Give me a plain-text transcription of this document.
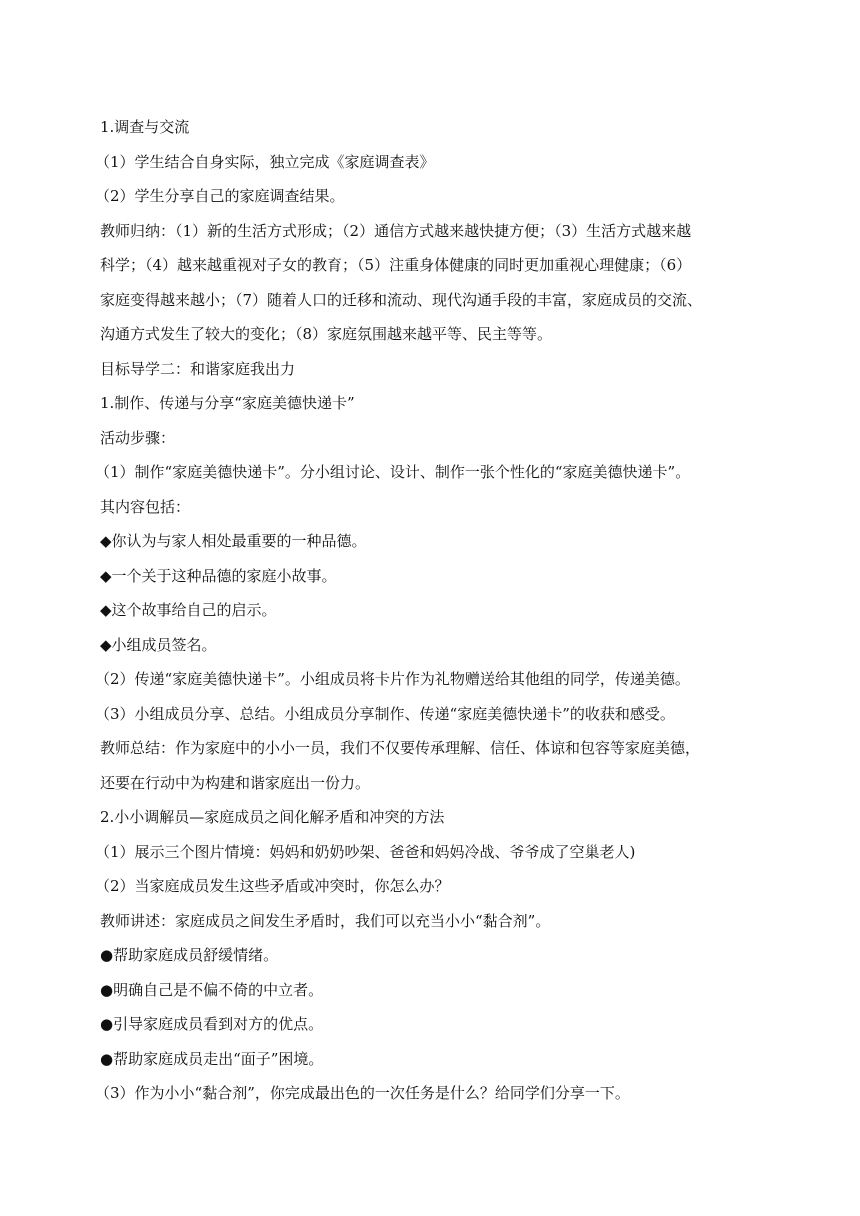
1.调查与交流

（1）学生结合自身实际，独立完成《家庭调查表》

（2）学生分享自己的家庭调查结果。

教师归纳：（1）新的生活方式形成；（2）通信方式越来越快捷方便；（3）生活方式越来越

科学；（4）越来越重视对子女的教育；（5）注重身体健康的同时更加重视心理健康；（6）

家庭变得越来越小；（7）随着人口的迁移和流动、现代沟通手段的丰富，家庭成员的交流、

沟通方式发生了较大的变化；（8）家庭氛围越来越平等、民主等等。

目标导学二：和谐家庭我出力

1.制作、传递与分享“家庭美德快递卡”

活动步骤：

（1）制作“家庭美德快递卡”。分小组讨论、设计、制作一张个性化的“家庭美德快递卡”。

其内容包括：

◆你认为与家人相处最重要的一种品德。

◆一个关于这种品德的家庭小故事。

◆这个故事给自己的启示。

◆小组成员签名。

（2）传递“家庭美德快递卡”。小组成员将卡片作为礼物赠送给其他组的同学，传递美德。

（3）小组成员分享、总结。小组成员分享制作、传递“家庭美德快递卡”的收获和感受。

教师总结：作为家庭中的小小一员，我们不仅要传承理解、信任、体谅和包容等家庭美德，

还要在行动中为构建和谐家庭出一份力。

2.小小调解员—家庭成员之间化解矛盾和冲突的方法

（1）展示三个图片情境：妈妈和奶奶吵架、爸爸和妈妈冷战、爷爷成了空巢老人)

（2）当家庭成员发生这些矛盾或冲突时，你怎么办？

教师讲述：家庭成员之间发生矛盾时，我们可以充当小小“黏合剂”。

●帮助家庭成员舒缓情绪。

●明确自己是不偏不倚的中立者。

●引导家庭成员看到对方的优点。

●帮助家庭成员走出“面子”困境。

（3）作为小小“黏合剂”，你完成最出色的一次任务是什么？给同学们分享一下。
